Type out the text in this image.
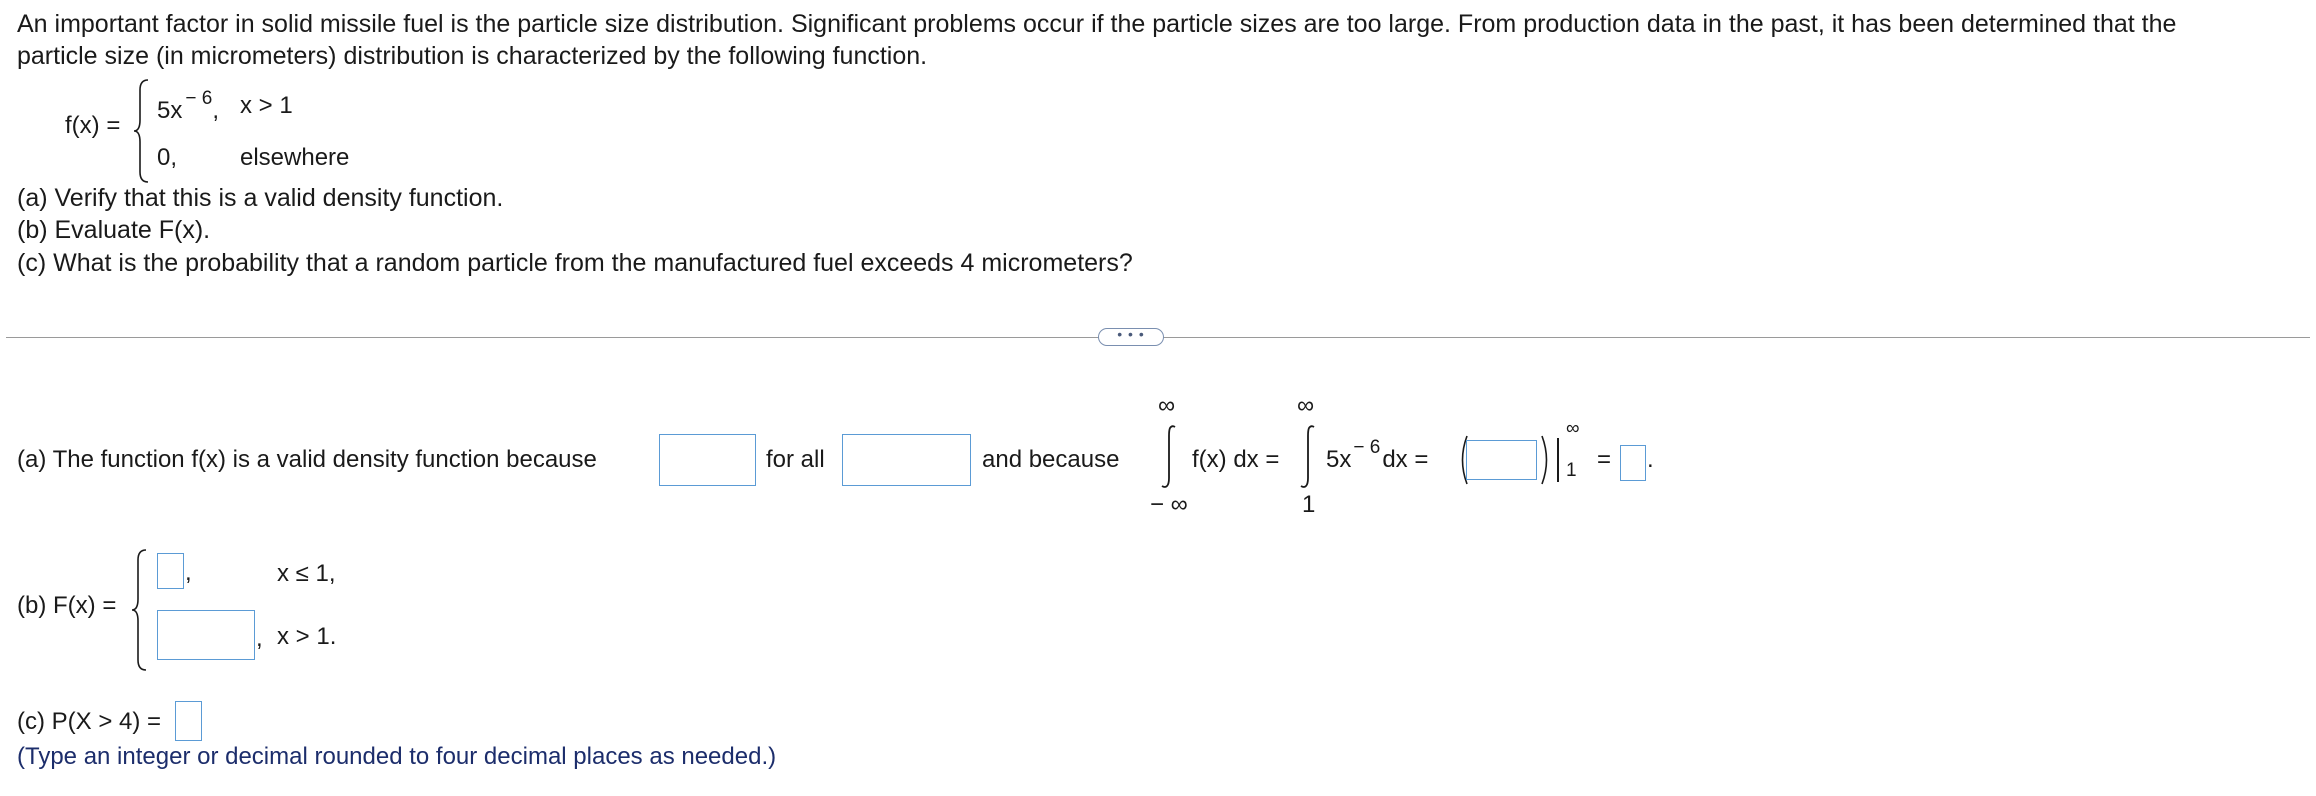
An important factor in solid missile fuel is the particle size distribution. Significant problems occur if the particle sizes are too large. From production data in the past, it has been determined that the
particle size (in micrometers) distribution is characterized by the following function.
f(x) =
5x $^{- 6}$, x > 1
0,	elsewhere
(a) Verify that this is a valid density function.
(b) Evaluate F(x).
(c) What is the probability that a random particle from the manufactured fuel exceeds 4 micrometers?
• • •
(a) The function f(x) is a valid density function because	for all	and because
∞
− ∞
f(x) dx =
∞
1
5x $^{- 6}$dx =
∞
1 = .
(b) F(x) =
,	x ≤ 1,
, x > 1.
(c) P(X > 4) =
(Type an integer or decimal rounded to four decimal places as needed.)
